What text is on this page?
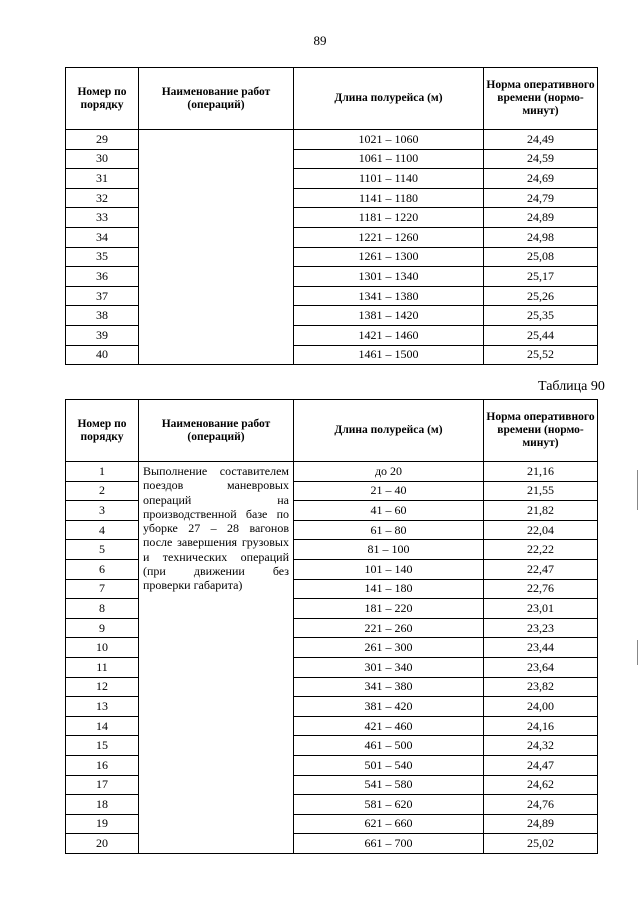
89
Номер по порядку	Наименование работ (операций)	Длина полурейса (м)	Норма оперативного времени (нормо-минут)
29		1021 – 1060	24,49
30		1061 – 1100	24,59
31		1101 – 1140	24,69
32		1141 – 1180	24,79
33		1181 – 1220	24,89
34		1221 – 1260	24,98
35		1261 – 1300	25,08
36		1301 – 1340	25,17
37		1341 – 1380	25,26
38		1381 – 1420	25,35
39		1421 – 1460	25,44
40		1461 – 1500	25,52
Таблица 90
Номер по порядку	Наименование работ (операций)	Длина полурейса (м)	Норма оперативного времени (нормо-минут)
1	Выполнение составителем поездов маневровых операций на производственной базе по уборке 27 – 28 вагонов после завершения грузовых и технических операций (при движении без проверки габарита)	до 20	21,16
2		21 – 40	21,55
3		41 – 60	21,82
4		61 – 80	22,04
5		81 – 100	22,22
6		101 – 140	22,47
7		141 – 180	22,76
8		181 – 220	23,01
9		221 – 260	23,23
10		261 – 300	23,44
11		301 – 340	23,64
12		341 – 380	23,82
13		381 – 420	24,00
14		421 – 460	24,16
15		461 – 500	24,32
16		501 – 540	24,47
17		541 – 580	24,62
18		581 – 620	24,76
19		621 – 660	24,89
20		661 – 700	25,02
